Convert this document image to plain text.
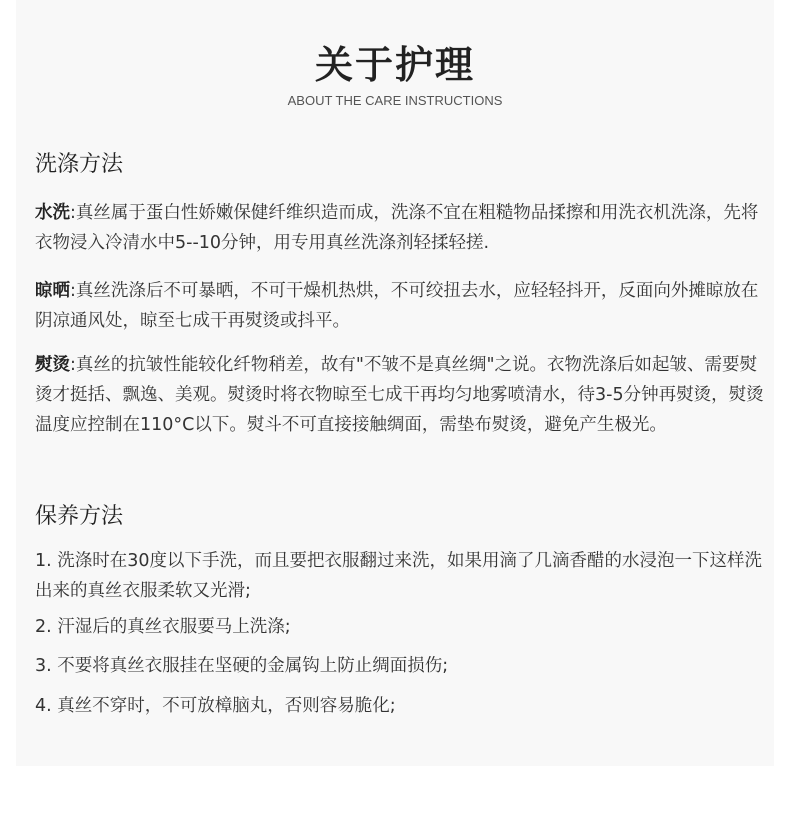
关于护理
ABOUT THE CARE INSTRUCTIONS
洗涤方法

水洗:真丝属于蛋白性娇嫩保健纤维织造而成，洗涤不宜在粗糙物品揉擦和用洗衣机洗涤，先将衣物浸入冷清水中5--10分钟，用专用真丝洗涤剂轻揉轻搓.

晾晒:真丝洗涤后不可暴晒，不可干燥机热烘，不可绞扭去水，应轻轻抖开，反面向外摊晾放在阴凉通风处，晾至七成干再熨烫或抖平。

熨烫:真丝的抗皱性能较化纤物稍差，故有"不皱不是真丝绸"之说。衣物洗涤后如起皱、需要熨烫才挺括、飘逸、美观。熨烫时将衣物晾至七成干再均匀地雾喷清水，待3-5分钟再熨烫，熨烫温度应控制在110°C以下。熨斗不可直接接触绸面，需垫布熨烫，避免产生极光。

保养方法

1. 洗涤时在30度以下手洗，而且要把衣服翻过来洗，如果用滴了几滴香醋的水浸泡一下这样洗出来的真丝衣服柔软又光滑;

2. 汗湿后的真丝衣服要马上洗涤;

3. 不要将真丝衣服挂在坚硬的金属钩上防止绸面损伤;

4. 真丝不穿时，不可放樟脑丸，否则容易脆化;
